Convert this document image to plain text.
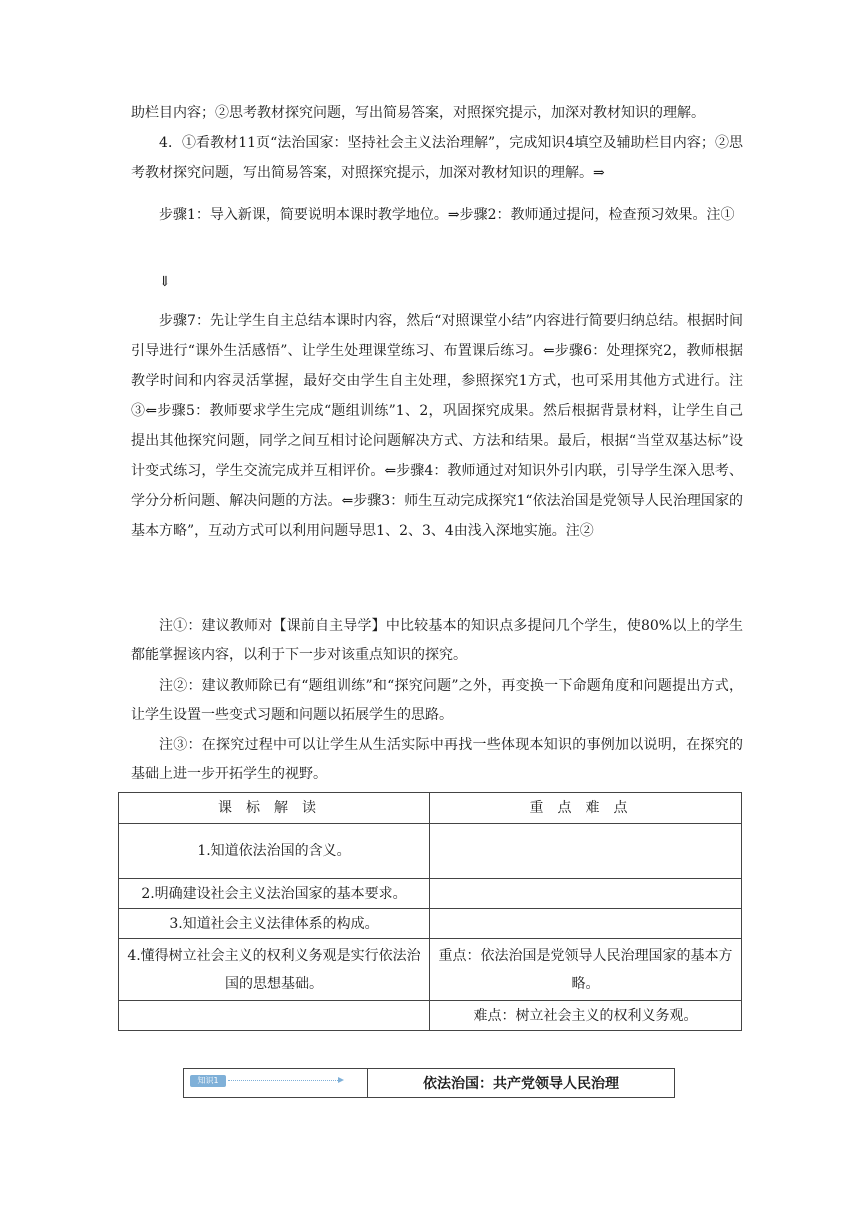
助栏目内容；②思考教材探究问题，写出简易答案，对照探究提示，加深对教材知识的理解。

4．①看教材11页“法治国家：坚持社会主义法治理解”，完成知识4填空及辅助栏目内容；②思考教材探究问题，写出简易答案，对照探究提示，加深对教材知识的理解。⇒

步骤1：导入新课，简要说明本课时教学地位。⇒步骤2：教师通过提问，检查预习效果。注①

⇓

步骤7：先让学生自主总结本课时内容，然后“对照课堂小结”内容进行简要归纳总结。根据时间引导进行“课外生活感悟”、让学生处理课堂练习、布置课后练习。⇐步骤6：处理探究2，教师根据教学时间和内容灵活掌握，最好交由学生自主处理，参照探究1方式，也可采用其他方式进行。注③⇐步骤5：教师要求学生完成“题组训练”1、2，巩固探究成果。然后根据背景材料，让学生自己提出其他探究问题，同学之间互相讨论问题解决方式、方法和结果。最后，根据“当堂双基达标”设计变式练习，学生交流完成并互相评价。⇐步骤4：教师通过对知识外引内联，引导学生深入思考、学分分析问题、解决问题的方法。⇐步骤3：师生互动完成探究1“依法治国是党领导人民治理国家的基本方略”，互动方式可以利用问题导思1、2、3、4由浅入深地实施。注②

注①：建议教师对【课前自主导学】中比较基本的知识点多提问几个学生，使80%以上的学生都能掌握该内容，以利于下一步对该重点知识的探究。

注②：建议教师除已有“题组训练”和“探究问题”之外，再变换一下命题角度和问题提出方式，让学生设置一些变式习题和问题以拓展学生的思路。

注③：在探究过程中可以让学生从生活实际中再找一些体现本知识的事例加以说明，在探究的基础上进一步开拓学生的视野。

课标解读	重点难点
1.知道依法治国的含义。	
2.明确建设社会主义法治国家的基本要求。	
3.知道社会主义法律体系的构成。	
4.懂得树立社会主义的权利义务观是实行依法治国的思想基础。	重点：依法治国是党领导人民治理国家的基本方略。
	难点：树立社会主义的权利义务观。
知识1	依法治国：共产党领导人民治理
